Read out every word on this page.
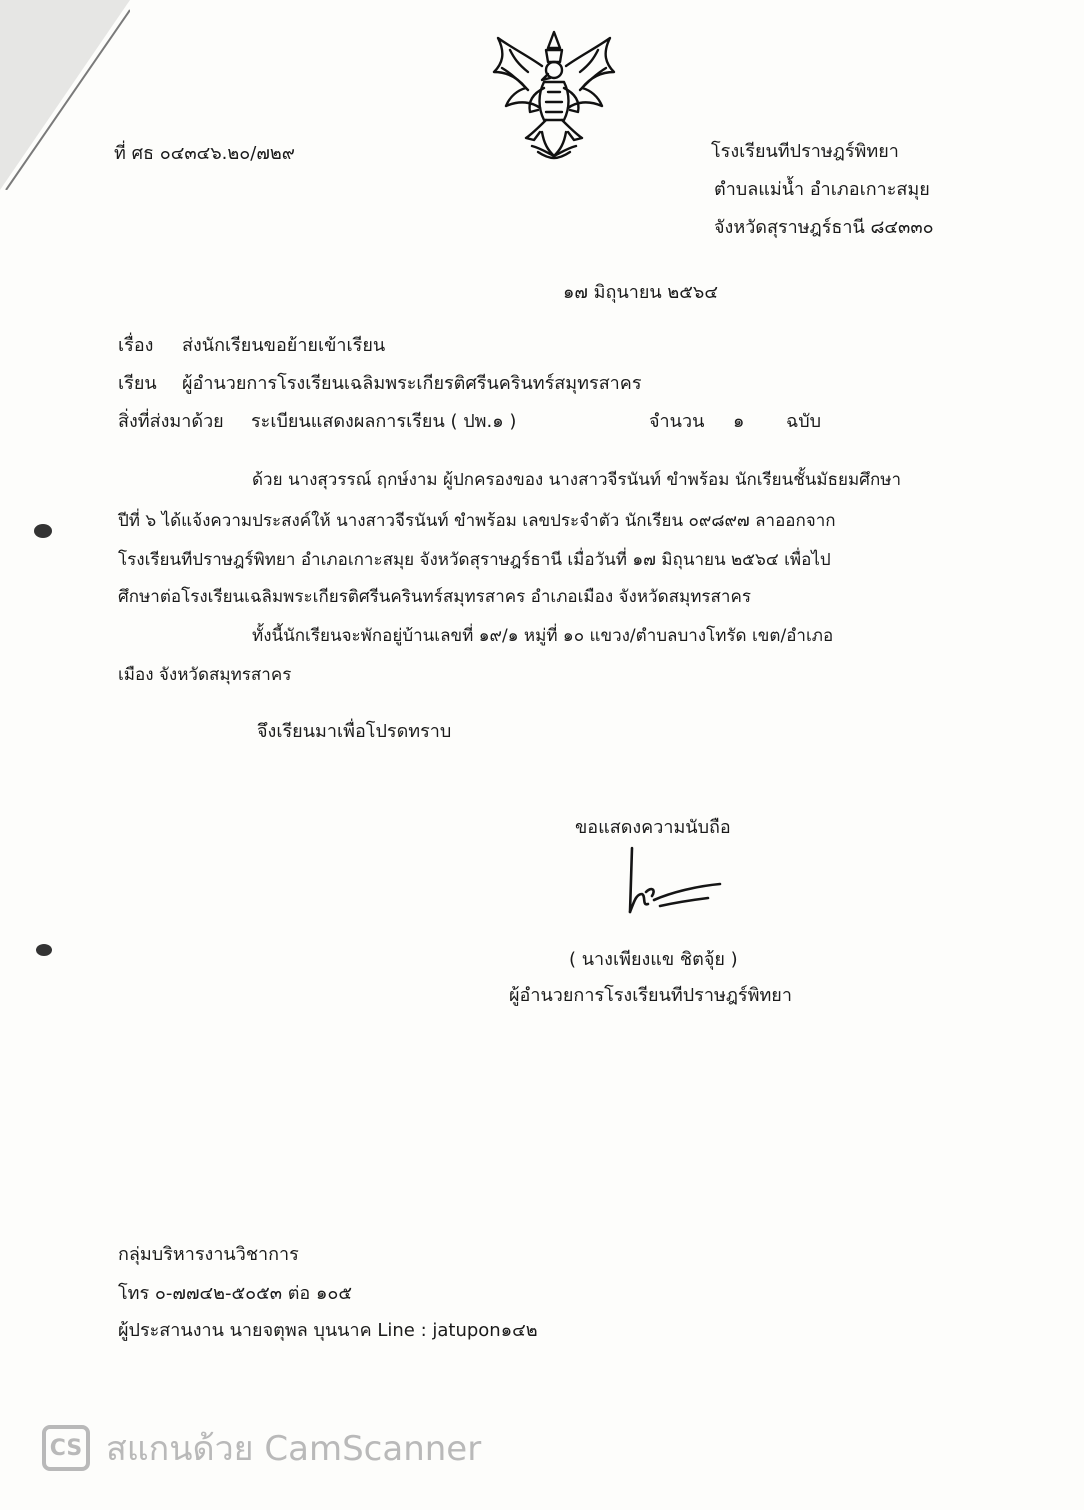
ที่ ศธ ๐๔๓๔๖.๒๐/๗๒๙	โรงเรียนทีปราษฎร์พิทยา
ตำบลแม่น้ำ อำเภอเกาะสมุย
จังหวัดสุราษฎร์ธานี ๘๔๓๓๐
๑๗ มิถุนายน ๒๕๖๔
เรื่อง ส่งนักเรียนขอย้ายเข้าเรียน
เรียน ผู้อำนวยการโรงเรียนเฉลิมพระเกียรติศรีนครินทร์สมุทรสาคร
สิ่งที่ส่งมาด้วย ระเบียนแสดงผลการเรียน ( ปพ.๑ )	จำนวน ๑ ฉบับ
ด้วย นางสุวรรณ์ ฤกษ์งาม ผู้ปกครองของ นางสาวจีรนันท์ ขำพร้อม นักเรียนชั้นมัธยมศึกษา
ปีที่ ๖ ได้แจ้งความประสงค์ให้ นางสาวจีรนันท์ ขำพร้อม เลขประจำตัว นักเรียน ๐๙๘๙๗ ลาออกจาก
โรงเรียนทีปราษฎร์พิทยา อำเภอเกาะสมุย จังหวัดสุราษฎร์ธานี เมื่อวันที่ ๑๗ มิถุนายน ๒๕๖๔ เพื่อไป
ศึกษาต่อโรงเรียนเฉลิมพระเกียรติศรีนครินทร์สมุทรสาคร อำเภอเมือง จังหวัดสมุทรสาคร
ทั้งนี้นักเรียนจะพักอยู่บ้านเลขที่ ๑๙/๑ หมู่ที่ ๑๐ แขวง/ตำบลบางโทรัด เขต/อำเภอ
เมือง จังหวัดสมุทรสาคร
จึงเรียนมาเพื่อโปรดทราบ
ขอแสดงความนับถือ
( นางเพียงแข ชิตจุ้ย )
ผู้อำนวยการโรงเรียนทีปราษฎร์พิทยา
กลุ่มบริหารงานวิชาการ
โทร ๐-๗๗๔๒-๕๐๕๓ ต่อ ๑๐๕
ผู้ประสานงาน นายจตุพล บุนนาค Line : jatupon๑๔๒
CS สแกนด้วย CamScanner
